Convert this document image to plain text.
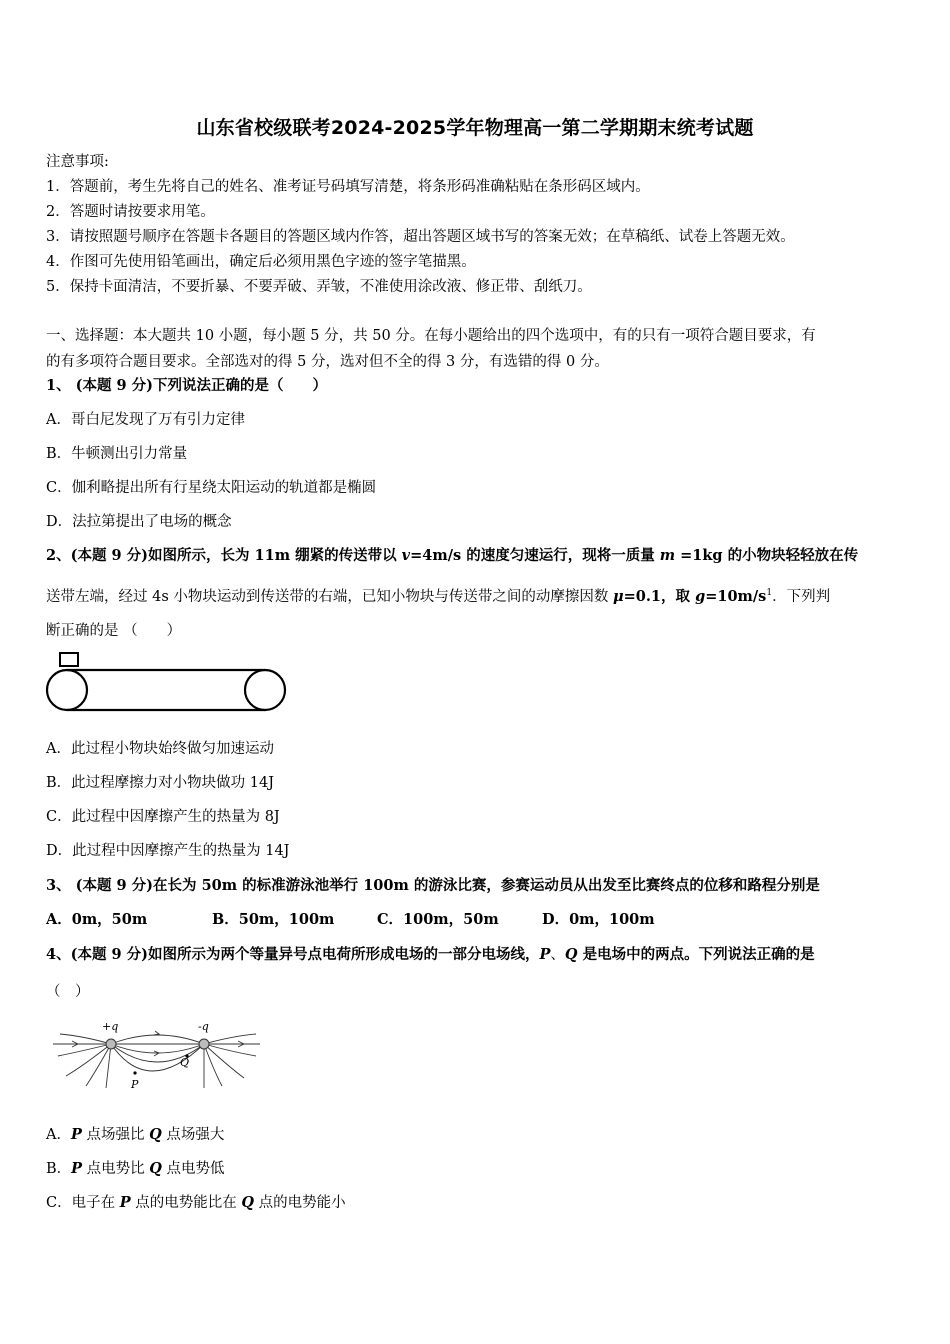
山东省校级联考2024-2025学年物理高一第二学期期末统考试题
注意事项:
1．答题前，考生先将自己的姓名、准考证号码填写清楚，将条形码准确粘贴在条形码区域内。
2．答题时请按要求用笔。
3．请按照题号顺序在答题卡各题目的答题区域内作答，超出答题区域书写的答案无效；在草稿纸、试卷上答题无效。
4．作图可先使用铅笔画出，确定后必须用黑色字迹的签字笔描黑。
5．保持卡面清洁，不要折暴、不要弄破、弄皱，不准使用涂改液、修正带、刮纸刀。
一、选择题：本大题共 10 小题，每小题 5 分，共 50 分。在每小题给出的四个选项中，有的只有一项符合题目要求，有
的有多项符合题目要求。全部选对的得 5 分，选对但不全的得 3 分，有选错的得 0 分。
1、 (本题 9 分)下列说法正确的是（　　）
A．哥白尼发现了万有引力定律
B．牛顿测出引力常量
C．伽利略提出所有行星绕太阳运动的轨道都是椭圆
D．法拉第提出了电场的概念
2、(本题 9 分)如图所示，长为 11m 绷紧的传送带以 v=4m/s 的速度匀速运行，现将一质量 m =1kg 的小物块轻轻放在传
送带左端，经过 4s 小物块运动到传送带的右端，已知小物块与传送带之间的动摩擦因数 μ=0.1，取 $g=10m/s^1$．下列判
断正确的是 （　　）
A．此过程小物块始终做匀加速运动
B．此过程摩擦力对小物块做功 14J
C．此过程中因摩擦产生的热量为 8J
D．此过程中因摩擦产生的热量为 14J
3、 (本题 9 分)在长为 50m 的标准游泳池举行 100m 的游泳比赛，参赛运动员从出发至比赛终点的位移和路程分别是
A．0m，50m	B．50m，100m	C．100m，50m	D．0m，100m
4、(本题 9 分)如图所示为两个等量异号点电荷所形成电场的一部分电场线，P、Q 是电场中的两点。下列说法正确的是
（　）
+q	-q
P
Q
A．P 点场强比 Q 点场强大
B．P 点电势比 Q 点电势低
C．电子在 P 点的电势能比在 Q 点的电势能小
